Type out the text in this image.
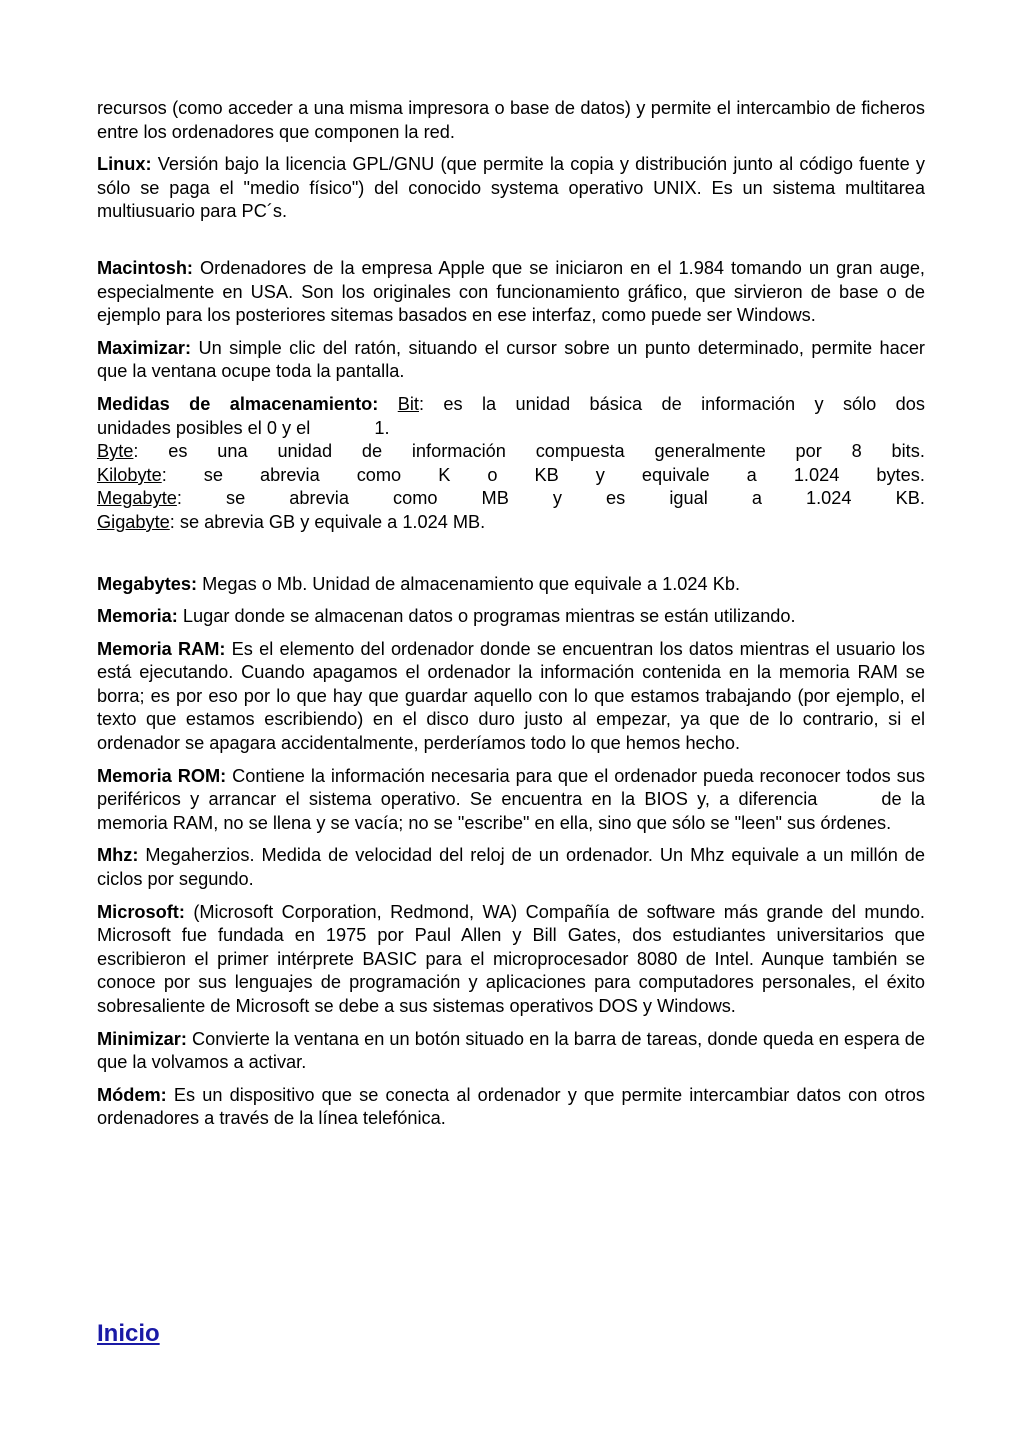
recursos (como acceder a una misma impresora o base de datos) y permite el intercambio de ficheros entre los ordenadores que componen la red.

Linux: Versión bajo la licencia GPL/GNU (que permite la copia y distribución junto al código fuente y sólo se paga el "medio físico") del conocido systema operativo UNIX. Es un sistema multitarea multiusuario para PC´s.

Macintosh: Ordenadores de la empresa Apple que se iniciaron en el 1.984 tomando un gran auge, especialmente en USA. Son los originales con funcionamiento gráfico, que sirvieron de base o de ejemplo para los posteriores sitemas basados en ese interfaz, como puede ser Windows.

Maximizar: Un simple clic del ratón, situando el cursor sobre un punto determinado, permite hacer que la ventana ocupe toda la pantalla.

Medidas de almacenamiento: Bit: es la unidad básica de información y sólo dos
unidades posibles el 0 y el	1.
Byte: es una unidad de información compuesta generalmente por 8 bits.
Kilobyte: se abrevia como K o KB y equivale a 1.024 bytes.
Megabyte: se abrevia como MB y es igual a 1.024 KB.
Gigabyte: se abrevia GB y equivale a 1.024 MB.

Megabytes: Megas o Mb. Unidad de almacenamiento que equivale a 1.024 Kb.

Memoria: Lugar donde se almacenan datos o programas mientras se están utilizando.

Memoria RAM: Es el elemento del ordenador donde se encuentran los datos mientras el usuario los está ejecutando. Cuando apagamos el ordenador la información contenida en la memoria RAM se borra; es por eso por lo que hay que guardar aquello con lo que estamos trabajando (por ejemplo, el texto que estamos escribiendo) en el disco duro justo al empezar, ya que de lo contrario, si el ordenador se apagara accidentalmente, perderíamos todo lo que hemos hecho.

Memoria ROM: Contiene la información necesaria para que el ordenador pueda reconocer todos sus periféricos y arrancar el sistema operativo. Se encuentra en la BIOS y, a diferencia	de la memoria RAM, no se llena y se vacía; no se "escribe" en ella, sino que sólo se "leen" sus órdenes.

Mhz: Megaherzios. Medida de velocidad del reloj de un ordenador. Un Mhz equivale a un millón de ciclos por segundo.

Microsoft: (Microsoft Corporation, Redmond, WA) Compañía de software más grande del mundo. Microsoft fue fundada en 1975 por Paul Allen y Bill Gates, dos estudiantes universitarios que escribieron el primer intérprete BASIC para el microprocesador 8080 de Intel. Aunque también se conoce por sus lenguajes de programación y aplicaciones para computadores personales, el éxito sobresaliente de Microsoft se debe a sus sistemas operativos DOS y Windows.

Minimizar: Convierte la ventana en un botón situado en la barra de tareas, donde queda en espera de que la volvamos a activar.

Módem: Es un dispositivo que se conecta al ordenador y que permite intercambiar datos con otros ordenadores a través de la línea telefónica.

Inicio
